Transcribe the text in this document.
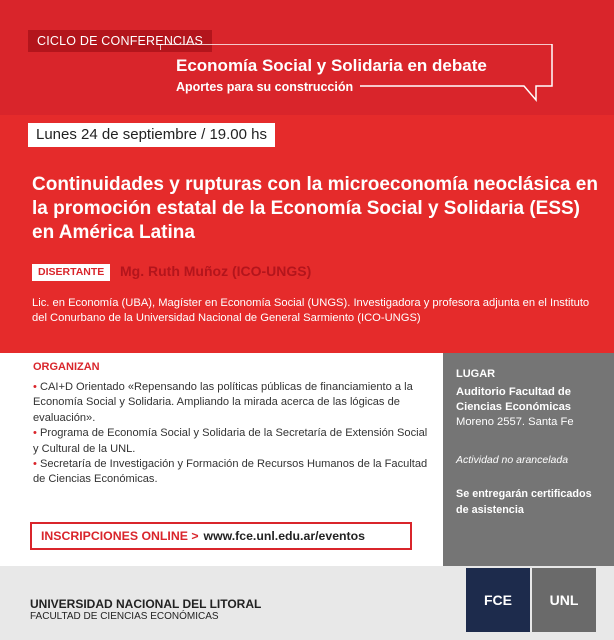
CICLO DE CONFERENCIAS
Economía Social y Solidaria en debate
Aportes para su construcción
Lunes 24 de septiembre / 19.00 hs
Continuidades y rupturas con la microeconomía neoclásica en la promoción estatal de la Economía Social y Solidaria (ESS) en América Latina
DISERTANTE	Mg. Ruth Muñoz (ICO-UNGS)
Lic. en Economía (UBA), Magíster en Economía Social (UNGS). Investigadora y profesora adjunta en el Instituto del Conurbano de la Universidad Nacional de General Sarmiento (ICO-UNGS)
ORGANIZAN
• CAI+D Orientado «Repensando las políticas públicas de financiamiento a la Economía Social y Solidaria. Ampliando la mirada acerca de las lógicas de evaluación».
• Programa de Economía Social y Solidaria de la Secretaría de Extensión Social y Cultural de la UNL.
• Secretaría de Investigación y Formación de Recursos Humanos de la Facultad de Ciencias Económicas.
LUGAR
Auditorio Facultad de Ciencias Económicas
Moreno 2557. Santa Fe
Actividad no arancelada
Se entregarán certificados de asistencia
INSCRIPCIONES ONLINE > www.fce.unl.edu.ar/eventos
UNIVERSIDAD NACIONAL DEL LITORAL
FACULTAD DE CIENCIAS ECONÓMICAS
FCE	UNL
